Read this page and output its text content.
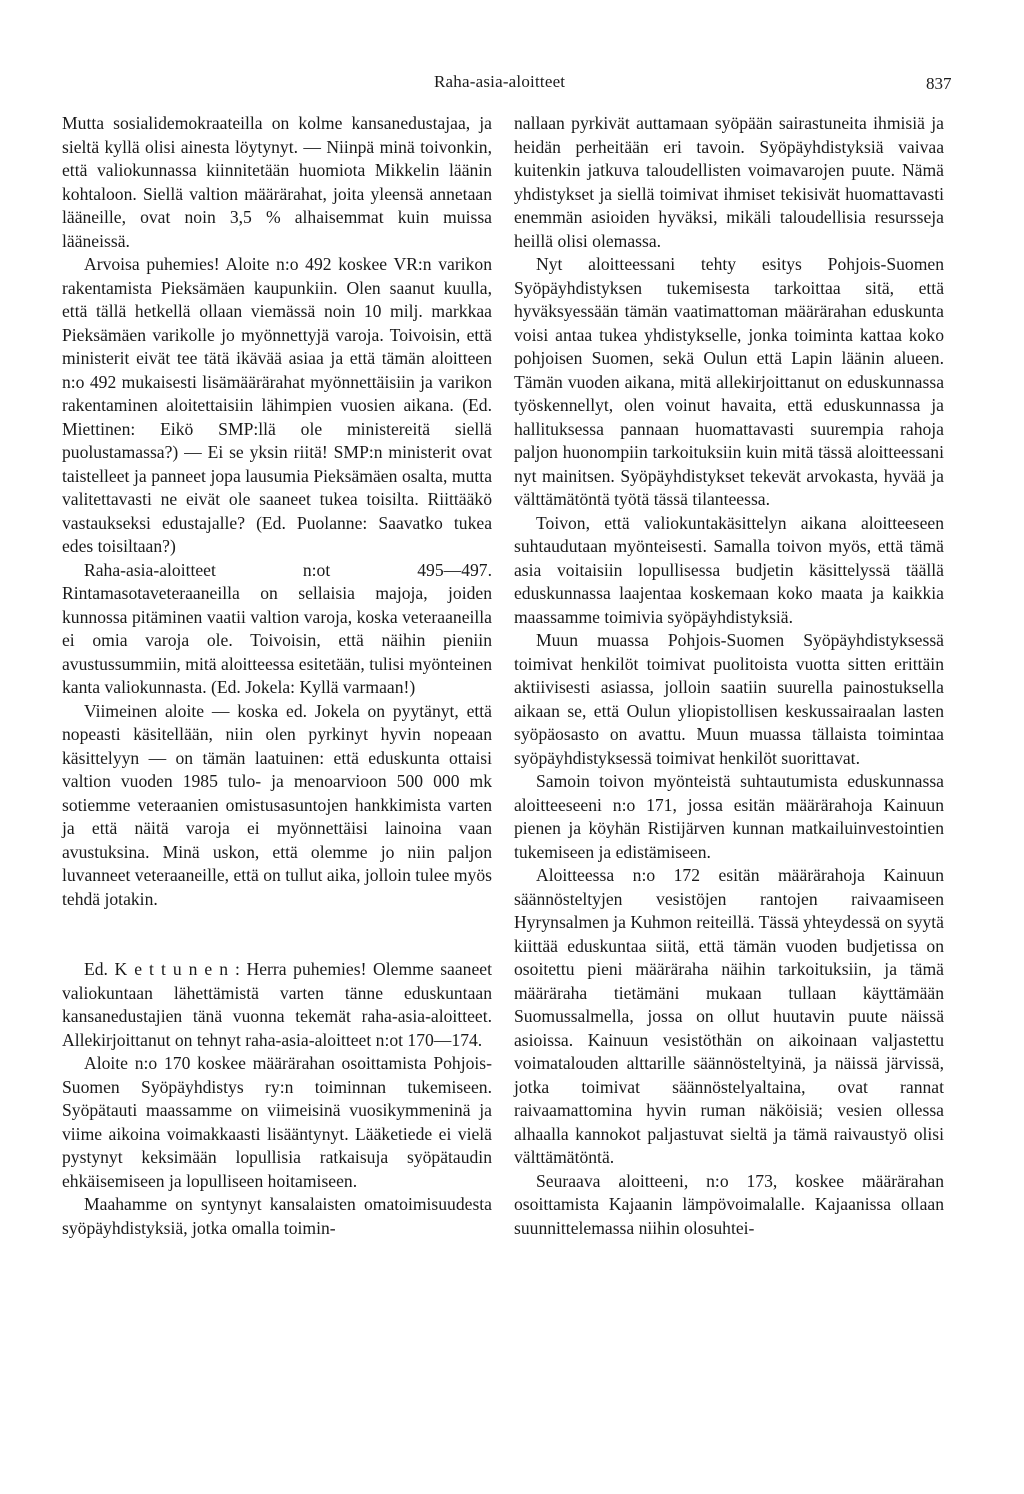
Raha-asia-aloitteet	837

Mutta sosialidemokraateilla on kolme kansanedustajaa, ja sieltä kyllä olisi ainesta löytynyt. — Niinpä minä toivonkin, että valiokunnassa kiinnitetään huomiota Mikkelin läänin kohtaloon. Siellä valtion määrärahat, joita yleensä annetaan lääneille, ovat noin 3,5 % alhaisemmat kuin muissa lääneissä.

Arvoisa puhemies! Aloite n:o 492 koskee VR:n varikon rakentamista Pieksämäen kaupunkiin. Olen saanut kuulla, että tällä hetkellä ollaan viemässä noin 10 milj. markkaa Pieksämäen varikolle jo myönnettyjä varoja. Toivoisin, että ministerit eivät tee tätä ikävää asiaa ja että tämän aloitteen n:o 492 mukaisesti lisämäärärahat myönnettäisiin ja varikon rakentaminen aloitettaisiin lähimpien vuosien aikana. (Ed. Miettinen: Eikö SMP:llä ole ministereitä siellä puolustamassa?) — Ei se yksin riitä! SMP:n ministerit ovat taistelleet ja panneet jopa lausumia Pieksämäen osalta, mutta valitettavasti ne eivät ole saaneet tukea toisilta. Riittääkö vastaukseksi edustajalle? (Ed. Puolanne: Saavatko tukea edes toisiltaan?)

Raha-asia-aloitteet n:ot 495—497. Rintamasotaveteraaneilla on sellaisia majoja, joiden kunnossa pitäminen vaatii valtion varoja, koska veteraaneilla ei omia varoja ole. Toivoisin, että näihin pieniin avustussummiin, mitä aloitteessa esitetään, tulisi myönteinen kanta valiokunnasta. (Ed. Jokela: Kyllä varmaan!)

Viimeinen aloite — koska ed. Jokela on pyytänyt, että nopeasti käsitellään, niin olen pyrkinyt hyvin nopeaan käsittelyyn — on tämän laatuinen: että eduskunta ottaisi valtion vuoden 1985 tulo- ja menoarvioon 500 000 mk sotiemme veteraanien omistusasuntojen hankkimista varten ja että näitä varoja ei myönnettäisi lainoina vaan avustuksina. Minä uskon, että olemme jo niin paljon luvanneet veteraaneille, että on tullut aika, jolloin tulee myös tehdä jotakin.

Ed. Kettunen: Herra puhemies! Olemme saaneet valiokuntaan lähettämistä varten tänne eduskuntaan kansanedustajien tänä vuonna tekemät raha-asia-aloitteet. Allekirjoittanut on tehnyt raha-asia-aloitteet n:ot 170—174.

Aloite n:o 170 koskee määrärahan osoittamista Pohjois-Suomen Syöpäyhdistys ry:n toiminnan tukemiseen. Syöpätauti maassamme on viimeisinä vuosikymmeninä ja viime aikoina voimakkaasti lisääntynyt. Lääketiede ei vielä pystynyt keksimään lopullisia ratkaisuja syöpätaudin ehkäisemiseen ja lopulliseen hoitamiseen.

Maahamme on syntynyt kansalaisten omatoimisuudesta syöpäyhdistyksiä, jotka omalla toimin-

nallaan pyrkivät auttamaan syöpään sairastuneita ihmisiä ja heidän perheitään eri tavoin. Syöpäyhdistyksiä vaivaa kuitenkin jatkuva taloudellisten voimavarojen puute. Nämä yhdistykset ja siellä toimivat ihmiset tekisivät huomattavasti enemmän asioiden hyväksi, mikäli taloudellisia resursseja heillä olisi olemassa.

Nyt aloitteessani tehty esitys Pohjois-Suomen Syöpäyhdistyksen tukemisesta tarkoittaa sitä, että hyväksyessään tämän vaatimattoman määrärahan eduskunta voisi antaa tukea yhdistykselle, jonka toiminta kattaa koko pohjoisen Suomen, sekä Oulun että Lapin läänin alueen. Tämän vuoden aikana, mitä allekirjoittanut on eduskunnassa työskennellyt, olen voinut havaita, että eduskunnassa ja hallituksessa pannaan huomattavasti suurempia rahoja paljon huonompiin tarkoituksiin kuin mitä tässä aloitteessani nyt mainitsen. Syöpäyhdistykset tekevät arvokasta, hyvää ja välttämätöntä työtä tässä tilanteessa.

Toivon, että valiokuntakäsittelyn aikana aloitteeseen suhtaudutaan myönteisesti. Samalla toivon myös, että tämä asia voitaisiin lopullisessa budjetin käsittelyssä täällä eduskunnassa laajentaa koskemaan koko maata ja kaikkia maassamme toimivia syöpäyhdistyksiä.

Muun muassa Pohjois-Suomen Syöpäyhdistyksessä toimivat henkilöt toimivat puolitoista vuotta sitten erittäin aktiivisesti asiassa, jolloin saatiin suurella painostuksella aikaan se, että Oulun yliopistollisen keskussairaalan lasten syöpäosasto on avattu. Muun muassa tällaista toimintaa syöpäyhdistyksessä toimivat henkilöt suorittavat.

Samoin toivon myönteistä suhtautumista eduskunnassa aloitteeseeni n:o 171, jossa esitän määrärahoja Kainuun pienen ja köyhän Ristijärven kunnan matkailuinvestointien tukemiseen ja edistämiseen.

Aloitteessa n:o 172 esitän määrärahoja Kainuun säännösteltyjen vesistöjen rantojen raivaamiseen Hyrynsalmen ja Kuhmon reiteillä. Tässä yhteydessä on syytä kiittää eduskuntaa siitä, että tämän vuoden budjetissa on osoitettu pieni määräraha näihin tarkoituksiin, ja tämä määräraha tietämäni mukaan tullaan käyttämään Suomussalmella, jossa on ollut huutavin puute näissä asioissa. Kainuun vesistöthän on aikoinaan valjastettu voimatalouden alttarille säännösteltyinä, ja näissä järvissä, jotka toimivat säännöstelyaltaina, ovat rannat raivaamattomina hyvin ruman näköisiä; vesien ollessa alhaalla kannokot paljastuvat sieltä ja tämä raivaustyö olisi välttämätöntä.

Seuraava aloitteeni, n:o 173, koskee määrärahan osoittamista Kajaanin lämpövoimalalle. Kajaanissa ollaan suunnittelemassa niihin olosuhtei-
